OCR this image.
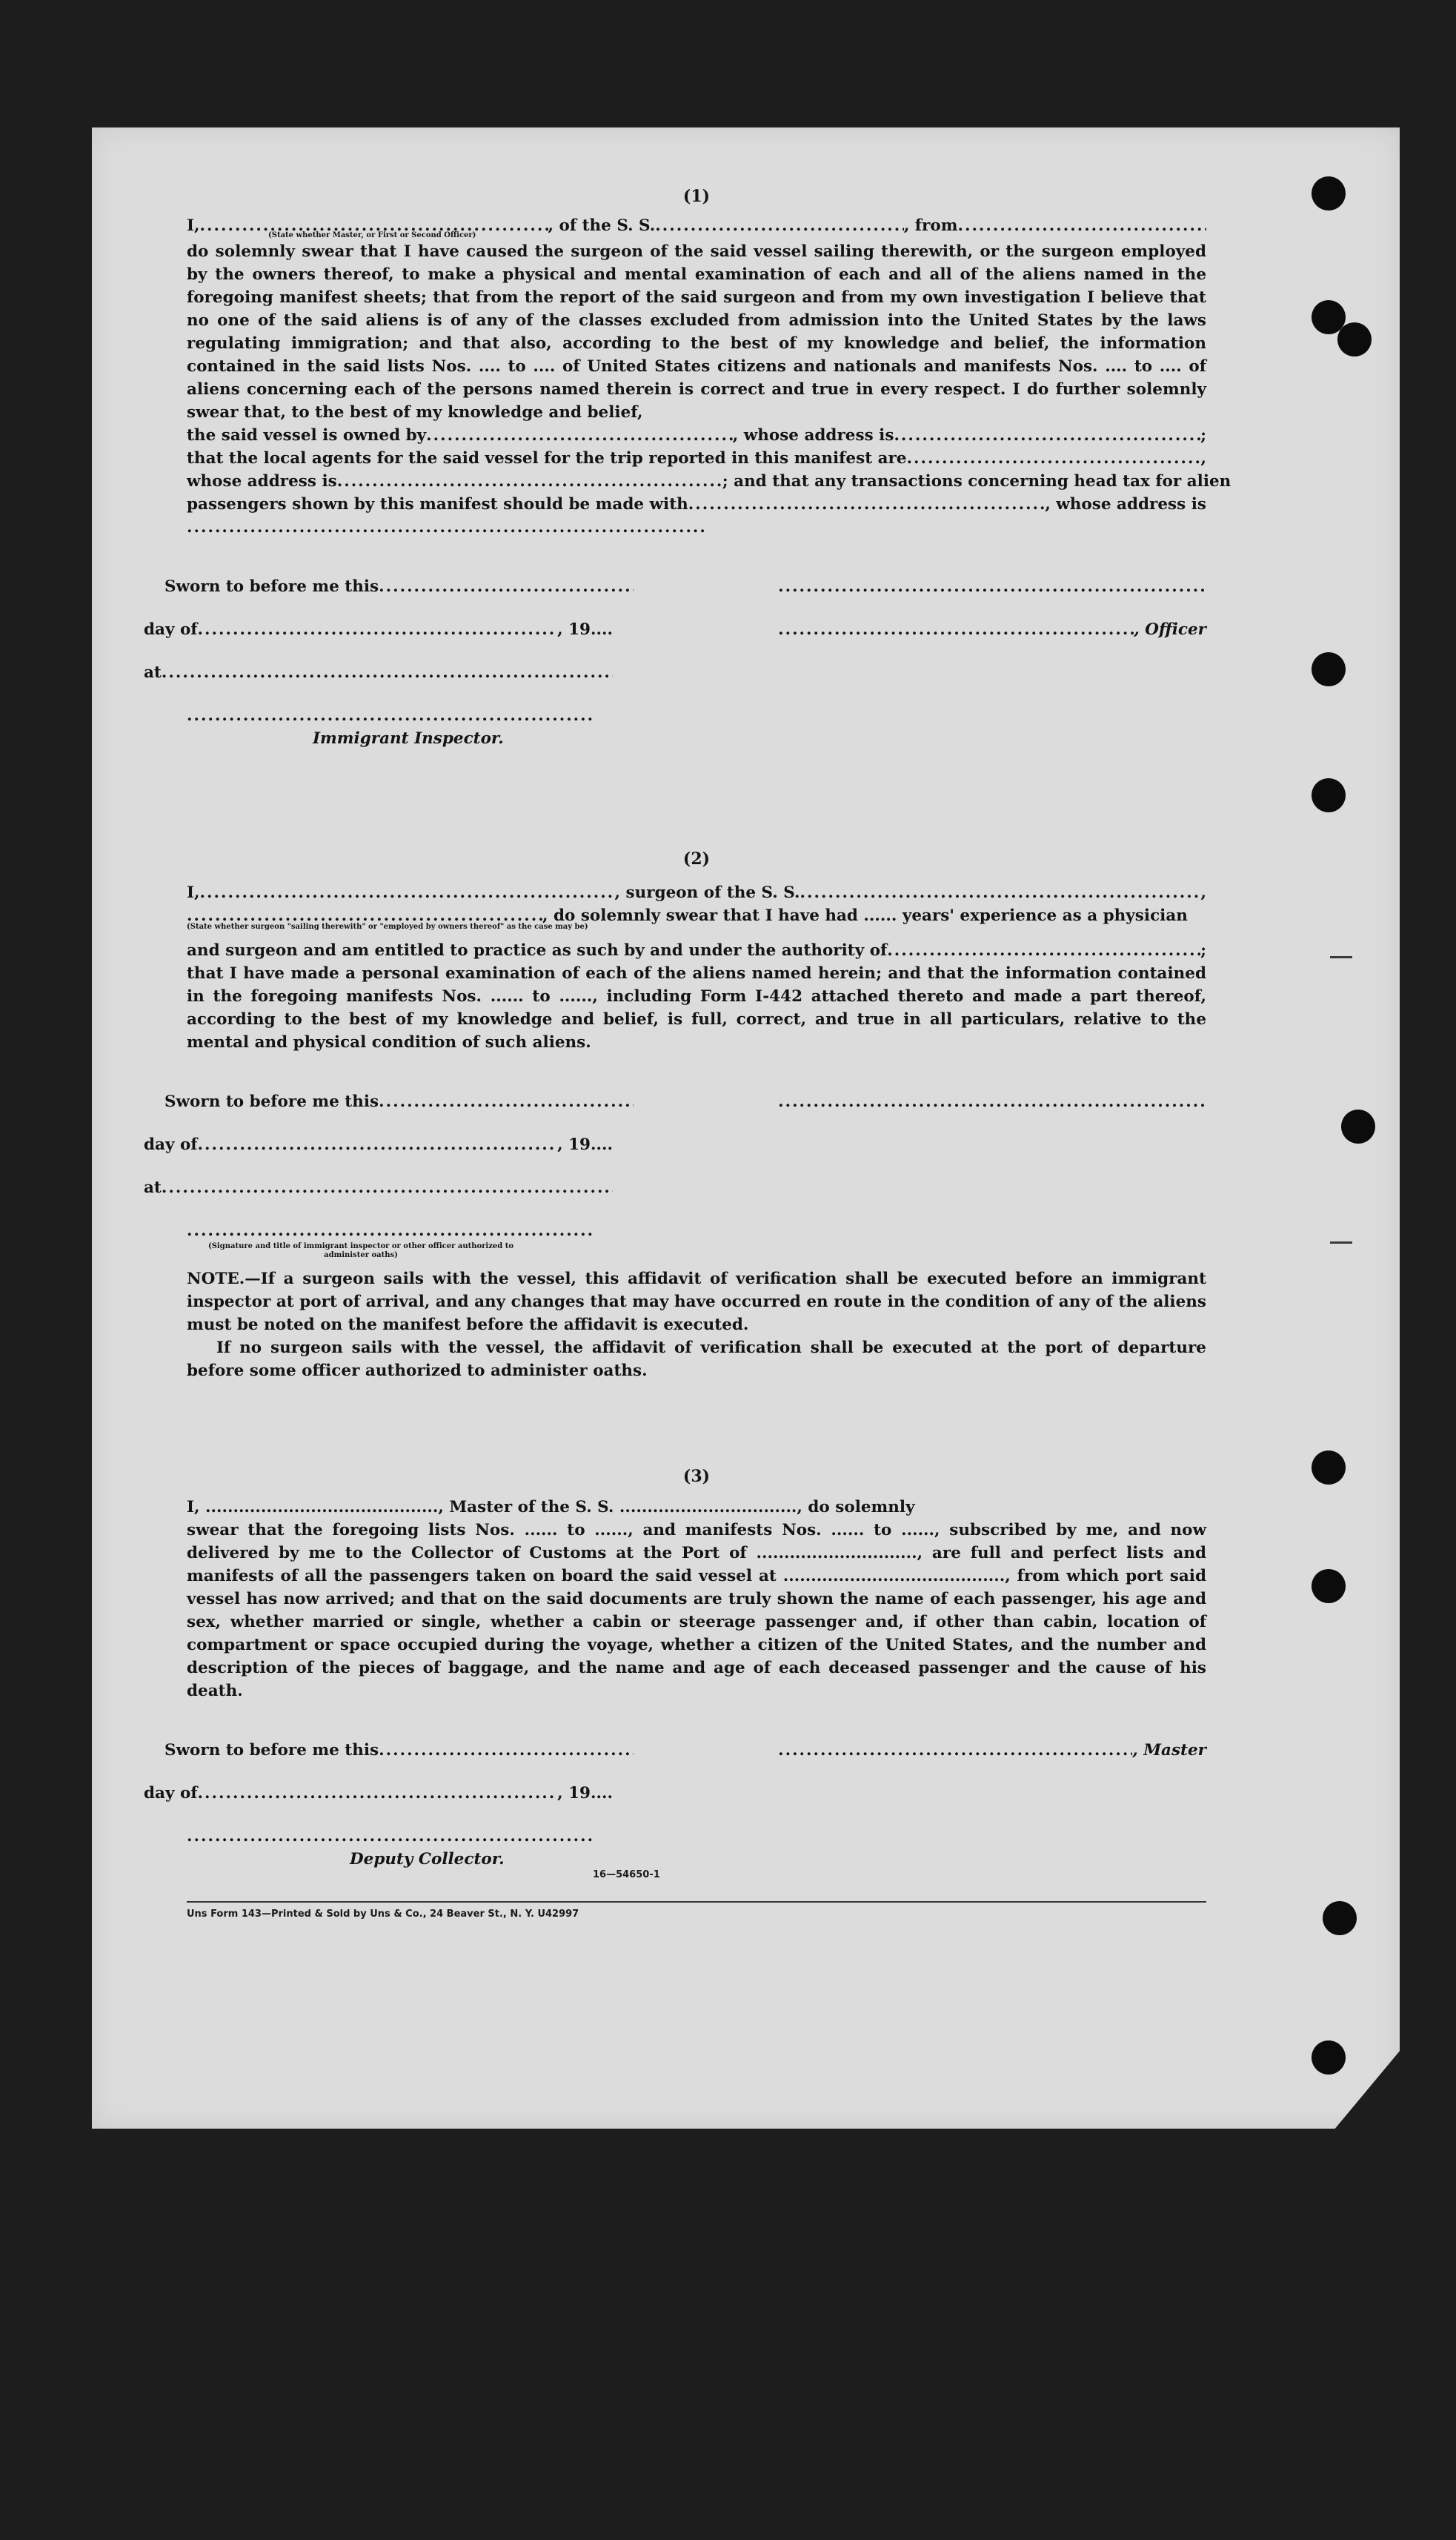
(1)
I, .....	, of the S. S. .....	, from
.....
(State whether Master, or First or Second Officer)
do solemnly swear that I have caused the surgeon of the said vessel sailing therewith, or the surgeon employed by the owners thereof, to make a physical and mental examination of each and all of the aliens named in the foregoing manifest sheets; that from the report of the said surgeon and from my own investigation I believe that no one of the said aliens is of any of the classes excluded from admission into the United States by the laws regulating immigration; and that also, according to the best of my knowledge and belief, the information contained in the said lists Nos. .... to .... of United States citizens and nationals and manifests Nos. .... to .... of aliens concerning each of the persons named therein is correct and true in every respect. I do further solemnly swear that, to the best of my knowledge and belief,
the said vessel is owned by .....	, whose address is .....	;
that the local agents for the said vessel for the trip reported in this manifest are .....	,
whose address is .....	; and that any transactions concerning head tax for alien
passengers shown by this manifest should be made with .....	, whose address is
.....
Sworn to before me this
.....
.....
day of .....	, 19 .... .....	, Officer
at
.....
.....
Immigrant Inspector.
(2)
I, .....	, surgeon of the S. S. .....	,
.....
, do solemnly swear that I have had ...... years' experience as a physician
(State whether surgeon "sailing therewith" or "employed by owners thereof" as the case may be)
and surgeon and am entitled to practice as such by and under the authority of .....	;
that I have made a personal examination of each of the aliens named herein; and that the information contained in the foregoing manifests Nos. ...... to ......, including Form I-442 attached thereto and made a part thereof, according to the best of my knowledge and belief, is full, correct, and true in all particulars, relative to the mental and physical condition of such aliens.
Sworn to before me this
.....
.....
day of .....	, 19 ....
at
.....
.....
(Signature and title of immigrant inspector or other officer authorized to administer oaths)
NOTE.—If a surgeon sails with the vessel, this affidavit of verification shall be executed before an immigrant inspector at port of arrival, and any changes that may have occurred en route in the condition of any of the aliens must be noted on the manifest before the affidavit is executed.
If no surgeon sails with the vessel, the affidavit of verification shall be executed at the port of departure before some officer authorized to administer oaths.
(3)
I, .........................................., Master of the S. S. ................................, do solemnly
swear that the foregoing lists Nos. ...... to ......, and manifests Nos. ...... to ......, subscribed by me, and now delivered by me to the Collector of Customs at the Port of ............................., are full and perfect lists and manifests of all the passengers taken on board the said vessel at ........................................, from which port said vessel has now arrived; and that on the said documents are truly shown the name of each passenger, his age and sex, whether married or single, whether a cabin or steerage passenger and, if other than cabin, location of compartment or space occupied during the voyage, whether a citizen of the United States, and the number and description of the pieces of baggage, and the name and age of each deceased passenger and the cause of his death.
Sworn to before me this ..... .....	, Master
day of .....	, 19 ....
.....
Deputy Collector.
16—54650-1
Uns Form 143—Printed & Sold by Uns & Co., 24 Beaver St., N. Y. U42997
